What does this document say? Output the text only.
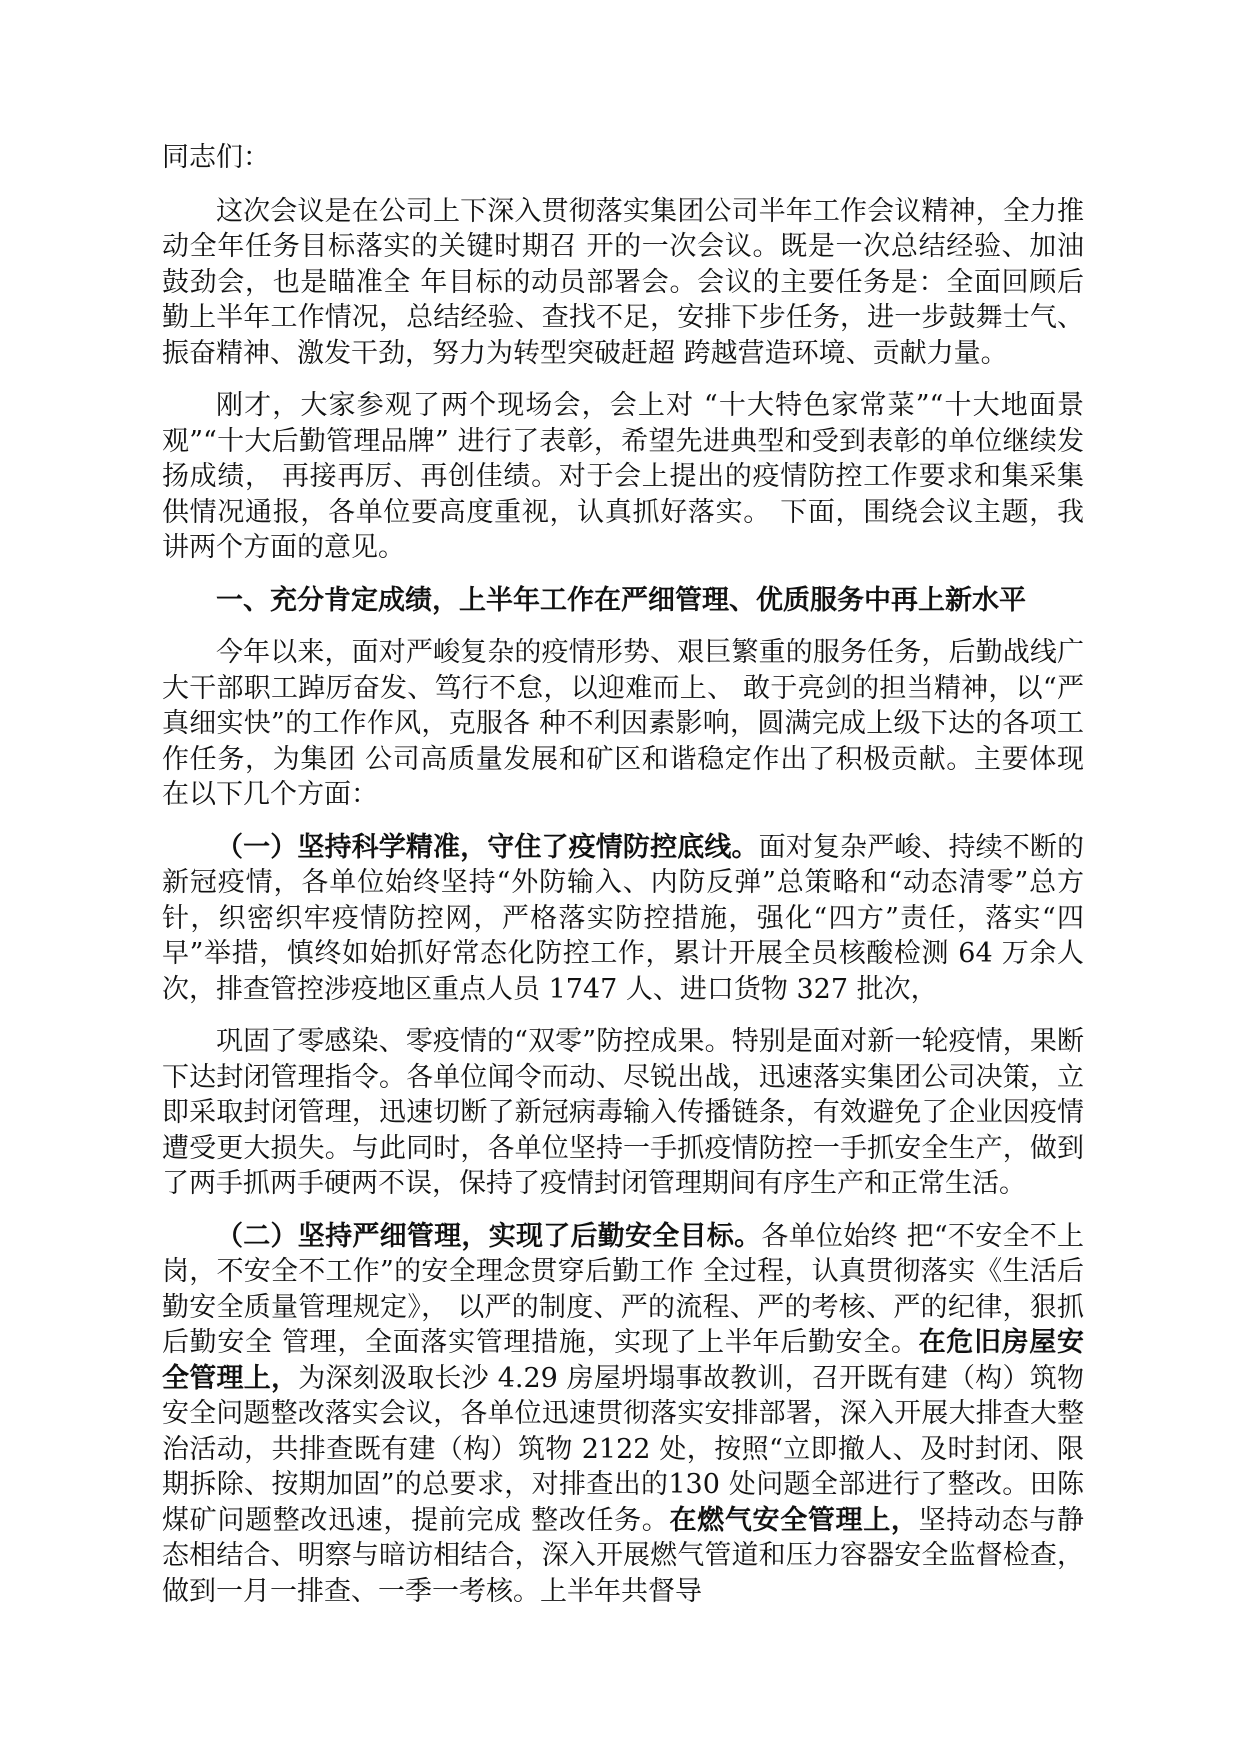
同志们：

这次会议是在公司上下深入贯彻落实集团公司半年工作会议精神，全力推动全年任务目标落实的关键时期召 开的一次会议。既是一次总结经验、加油鼓劲会，也是瞄准全 年目标的动员部署会。会议的主要任务是：全面回顾后勤上半年工作情况，总结经验、查找不足，安排下步任务，进一步鼓舞士气、振奋精神、激发干劲，努力为转型突破赶超 跨越营造环境、贡献力量。

刚才，大家参观了两个现场会，会上对 “十大特色家常菜”“十大地面景观”“十大后勤管理品牌” 进行了表彰，希望先进典型和受到表彰的单位继续发扬成绩， 再接再厉、再创佳绩。对于会上提出的疫情防控工作要求和集采集供情况通报，各单位要高度重视，认真抓好落实。 下面，围绕会议主题，我讲两个方面的意见。

一、充分肯定成绩，上半年工作在严细管理、优质服务中再上新水平

今年以来，面对严峻复杂的疫情形势、艰巨繁重的服务任务，后勤战线广大干部职工踔厉奋发、笃行不怠，以迎难而上、 敢于亮剑的担当精神，以“严真细实快”的工作作风，克服各 种不利因素影响，圆满完成上级下达的各项工作任务，为集团 公司高质量发展和矿区和谐稳定作出了积极贡献。主要体现在以下几个方面：

（一）坚持科学精准，守住了疫情防控底线。面对复杂严峻、持续不断的新冠疫情，各单位始终坚持“外防输入、内防反弹”总策略和“动态清零”总方针，织密织牢疫情防控网，严格落实防控措施，强化“四方”责任，落实“四早”举措，慎终如始抓好常态化防控工作，累计开展全员核酸检测 64 万余人次，排查管控涉疫地区重点人员 1747 人、进口货物 327 批次，

巩固了零感染、零疫情的“双零”防控成果。特别是面对新一轮疫情，果断下达封闭管理指令。各单位闻令而动、尽锐出战，迅速落实集团公司决策，立即采取封闭管理，迅速切断了新冠病毒输入传播链条，有效避免了企业因疫情遭受更大损失。与此同时，各单位坚持一手抓疫情防控一手抓安全生产，做到了两手抓两手硬两不误，保持了疫情封闭管理期间有序生产和正常生活。

（二）坚持严细管理，实现了后勤安全目标。各单位始终 把“不安全不上岗，不安全不工作”的安全理念贯穿后勤工作 全过程，认真贯彻落实《生活后勤安全质量管理规定》， 以严的制度、严的流程、严的考核、严的纪律，狠抓后勤安全 管理，全面落实管理措施，实现了上半年后勤安全。在危旧房屋安全管理上，为深刻汲取长沙 4.29 房屋坍塌事故教训，召开既有建（构）筑物安全问题整改落实会议，各单位迅速贯彻落实安排部署，深入开展大排查大整治活动，共排查既有建（构）筑物 2122 处，按照“立即撤人、及时封闭、限期拆除、按期加固”的总要求，对排查出的130 处问题全部进行了整改。田陈煤矿问题整改迅速，提前完成 整改任务。在燃气安全管理上，坚持动态与静态相结合、明察与暗访相结合，深入开展燃气管道和压力容器安全监督检查，做到一月一排查、一季一考核。上半年共督导
